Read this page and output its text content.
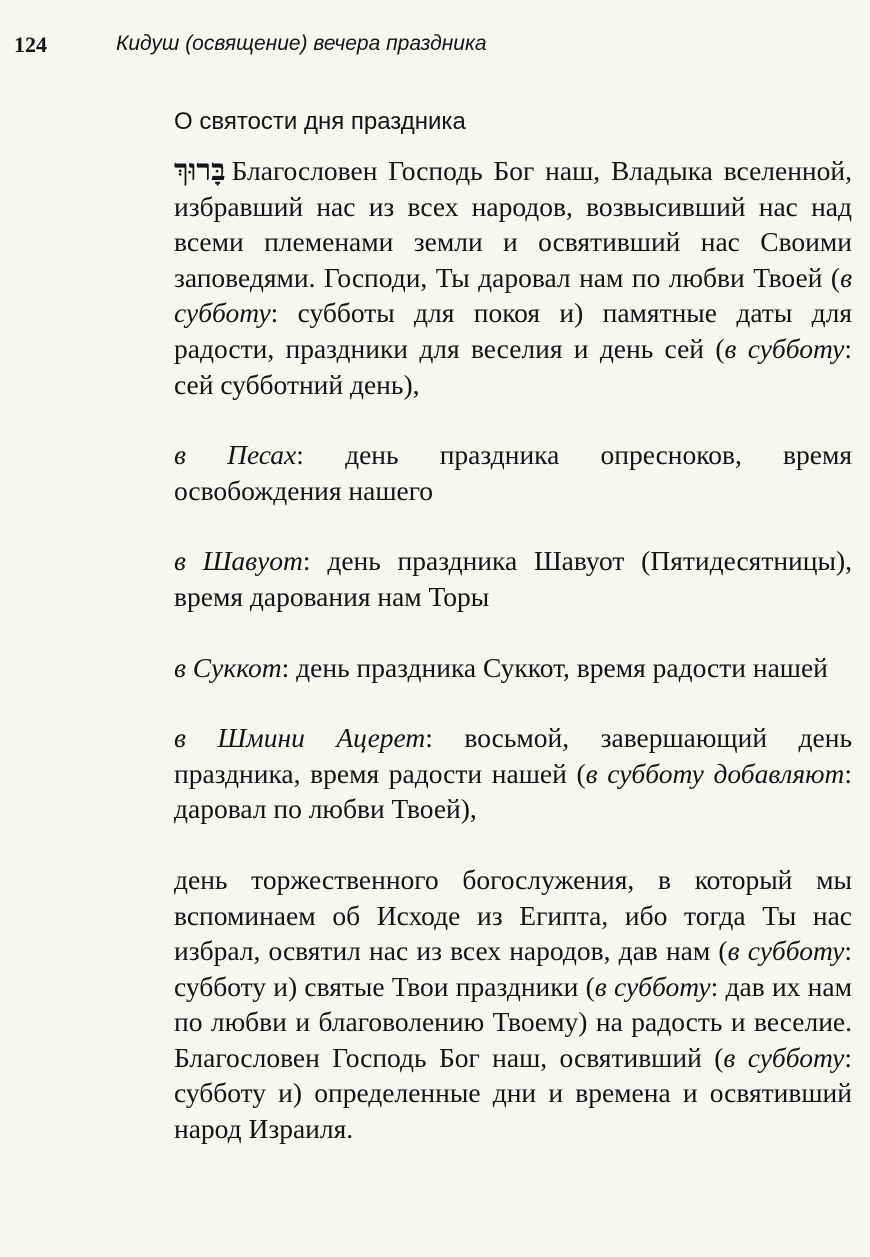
124	Кидуш (освящение) вечера праздника
О святости дня праздника

בָּרוּךְ Благословен Господь Бог наш, Владыка вселенной, избравший нас из всех народов, возвысивший нас над всеми племенами земли и освятивший нас Своими заповедями. Господи, Ты даровал нам по любви Твоей (в субботу: субботы для покоя и) памятные даты для радости, праздники для веселия и день сей (в субботу: сей субботний день),

в Песах: день праздника опресноков, время освобождения нашего

в Шавуот: день праздника Шавуот (Пятидесятницы), время дарования нам Торы

в Суккот: день праздника Суккот, время радости нашей

в Шмини Ацерет: восьмой, завершающий день праздника, время радости нашей (в субботу добавляют: даровал по любви Твоей),

день торжественного богослужения, в который мы вспоминаем об Исходе из Египта, ибо тогда Ты нас избрал, освятил нас из всех народов, дав нам (в субботу: субботу и) святые Твои праздники (в субботу: дав их нам по любви и благоволению Твоему) на радость и веселие. Благословен Господь Бог наш, освятивший (в субботу: субботу и) определенные дни и времена и освятивший народ Израиля.
